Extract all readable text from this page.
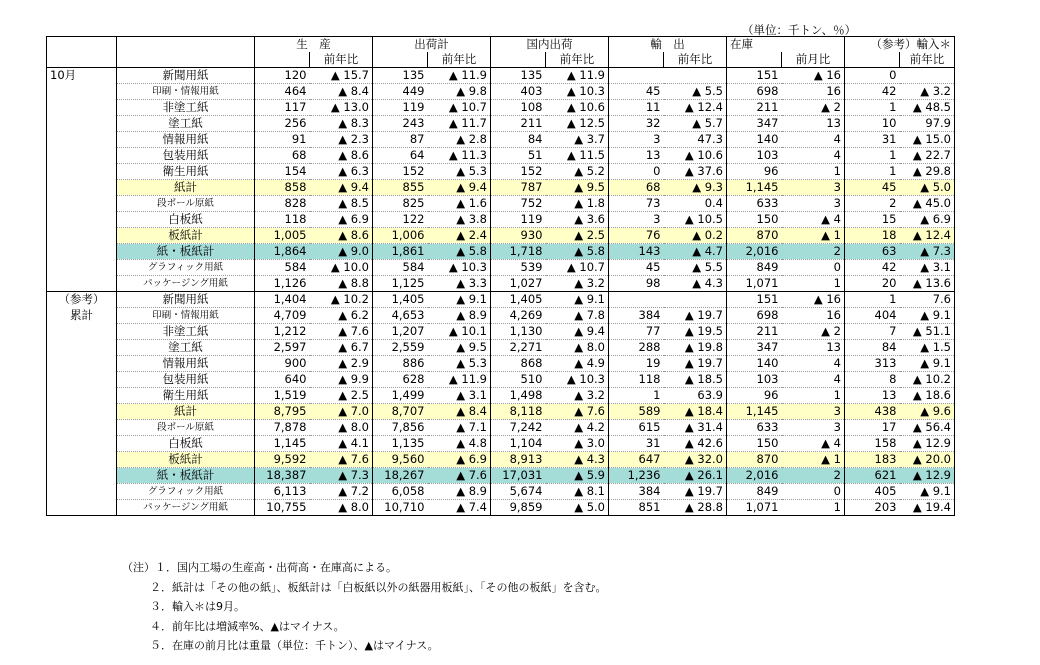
（単位：千トン、％）
		生　産		出荷計		国内出荷		輸　出		在庫		（参考）輸入＊	
			前年比		前年比		前年比		前年比		前月比		前年比
10月	新聞用紙	120	▲ 15.7	135	▲ 11.9	135	▲ 11.9			151	▲ 16	0	
	印刷・情報用紙	464	▲ 8.4	449	▲ 9.8	403	▲ 10.3	45	▲ 5.5	698	16	42	▲ 3.2
	非塗工紙	117	▲ 13.0	119	▲ 10.7	108	▲ 10.6	11	▲ 12.4	211	▲ 2	1	▲ 48.5
	塗工紙	256	▲ 8.3	243	▲ 11.7	211	▲ 12.5	32	▲ 5.7	347	13	10	97.9
	情報用紙	91	▲ 2.3	87	▲ 2.8	84	▲ 3.7	3	47.3	140	4	31	▲ 15.0
	包装用紙	68	▲ 8.6	64	▲ 11.3	51	▲ 11.5	13	▲ 10.6	103	4	1	▲ 22.7
	衛生用紙	154	▲ 6.3	152	▲ 5.3	152	▲ 5.2	0	▲ 37.6	96	1	1	▲ 29.8
	紙計	858	▲ 9.4	855	▲ 9.4	787	▲ 9.5	68	▲ 9.3	1,145	3	45	▲ 5.0
	段ボール原紙	828	▲ 8.5	825	▲ 1.6	752	▲ 1.8	73	0.4	633	3	2	▲ 45.0
	白板紙	118	▲ 6.9	122	▲ 3.8	119	▲ 3.6	3	▲ 10.5	150	▲ 4	15	▲ 6.9
	板紙計	1,005	▲ 8.6	1,006	▲ 2.4	930	▲ 2.5	76	▲ 0.2	870	▲ 1	18	▲ 12.4
	紙・板紙計	1,864	▲ 9.0	1,861	▲ 5.8	1,718	▲ 5.8	143	▲ 4.7	2,016	2	63	▲ 7.3
	グラフィック用紙	584	▲ 10.0	584	▲ 10.3	539	▲ 10.7	45	▲ 5.5	849	0	42	▲ 3.1
	パッケージング用紙	1,126	▲ 8.8	1,125	▲ 3.3	1,027	▲ 3.2	98	▲ 4.3	1,071	1	20	▲ 13.6
（参考）	新聞用紙	1,404	▲ 10.2	1,405	▲ 9.1	1,405	▲ 9.1			151	▲ 16	1	7.6
累計	印刷・情報用紙	4,709	▲ 6.2	4,653	▲ 8.9	4,269	▲ 7.8	384	▲ 19.7	698	16	404	▲ 9.1
	非塗工紙	1,212	▲ 7.6	1,207	▲ 10.1	1,130	▲ 9.4	77	▲ 19.5	211	▲ 2	7	▲ 51.1
	塗工紙	2,597	▲ 6.7	2,559	▲ 9.5	2,271	▲ 8.0	288	▲ 19.8	347	13	84	▲ 1.5
	情報用紙	900	▲ 2.9	886	▲ 5.3	868	▲ 4.9	19	▲ 19.7	140	4	313	▲ 9.1
	包装用紙	640	▲ 9.9	628	▲ 11.9	510	▲ 10.3	118	▲ 18.5	103	4	8	▲ 10.2
	衛生用紙	1,519	▲ 2.5	1,499	▲ 3.1	1,498	▲ 3.2	1	63.9	96	1	13	▲ 18.6
	紙計	8,795	▲ 7.0	8,707	▲ 8.4	8,118	▲ 7.6	589	▲ 18.4	1,145	3	438	▲ 9.6
	段ボール原紙	7,878	▲ 8.0	7,856	▲ 7.1	7,242	▲ 4.2	615	▲ 31.4	633	3	17	▲ 56.4
	白板紙	1,145	▲ 4.1	1,135	▲ 4.8	1,104	▲ 3.0	31	▲ 42.6	150	▲ 4	158	▲ 12.9
	板紙計	9,592	▲ 7.6	9,560	▲ 6.9	8,913	▲ 4.3	647	▲ 32.0	870	▲ 1	183	▲ 20.0
	紙・板紙計	18,387	▲ 7.3	18,267	▲ 7.6	17,031	▲ 5.9	1,236	▲ 26.1	2,016	2	621	▲ 12.9
	グラフィック用紙	6,113	▲ 7.2	6,058	▲ 8.9	5,674	▲ 8.1	384	▲ 19.7	849	0	405	▲ 9.1
	パッケージング用紙	10,755	▲ 8.0	10,710	▲ 7.4	9,859	▲ 5.0	851	▲ 28.8	1,071	1	203	▲ 19.4
（注）１．国内工場の生産高・出荷高・在庫高による。
２．紙計は「その他の紙」、板紙計は「白板紙以外の紙器用板紙」、「その他の板紙」を含む。
３．輸入＊は9月。
４．前年比は増減率%、▲はマイナス。
５．在庫の前月比は重量（単位：千トン）、▲はマイナス。
